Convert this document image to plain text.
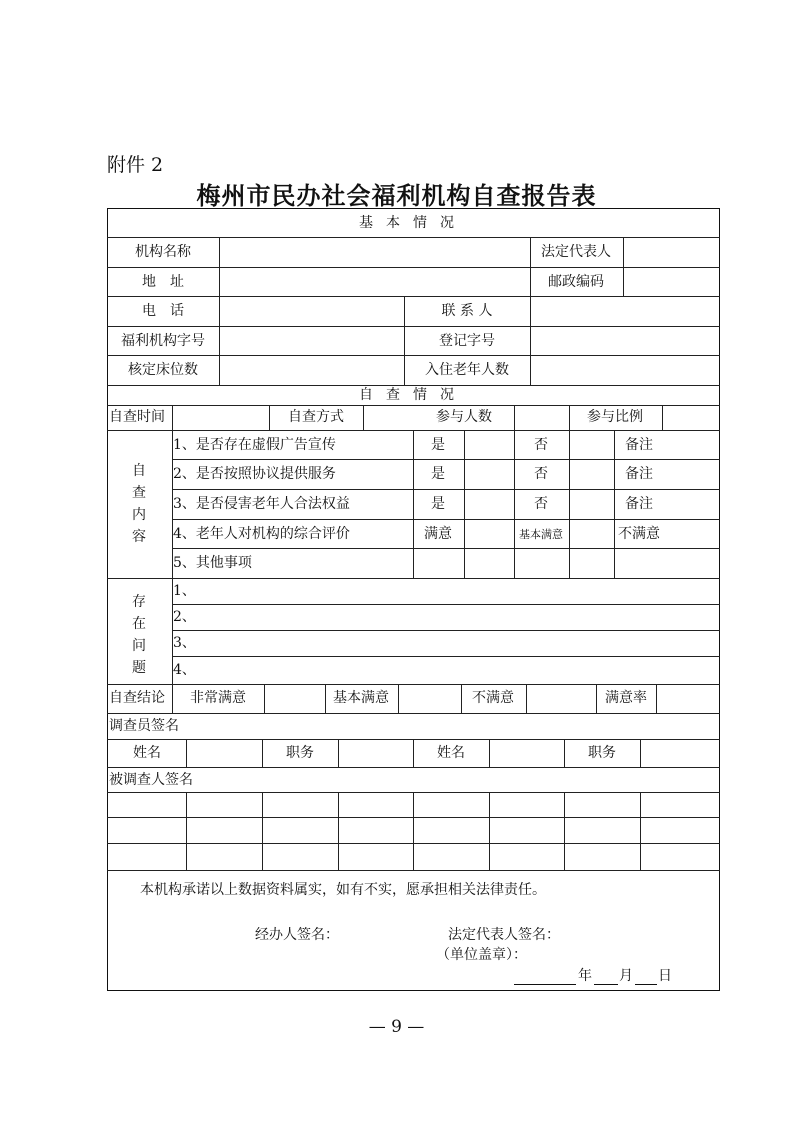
附件 2
梅州市民办社会福利机构自查报告表
基本情况
机构名称	法定代表人
地　址	邮政编码
电　话	联 系 人
福利机构字号	登记字号
核定床位数	入住老年人数
自查情况
自查时间	自查方式	参与人数	参与比例
自
查
内
容
1、是否存在虚假广告宣传	是	否	备注
2、是否按照协议提供服务	是	否	备注
3、是否侵害老年人合法权益	是	否	备注
4、老年人对机构的综合评价	满意	基本满意	不满意
5、其他事项
存
在
问
题
1、
2、
3、
4、
自查结论 非常满意	基本满意	不满意	满意率
调查员签名
姓名	职务	姓名	职务
被调查人签名
本机构承诺以上数据资料属实，如有不实，愿承担相关法律责任。
经办人签名：	法定代表人签名：
（单位盖章）：
年 月 日
— 9 —
